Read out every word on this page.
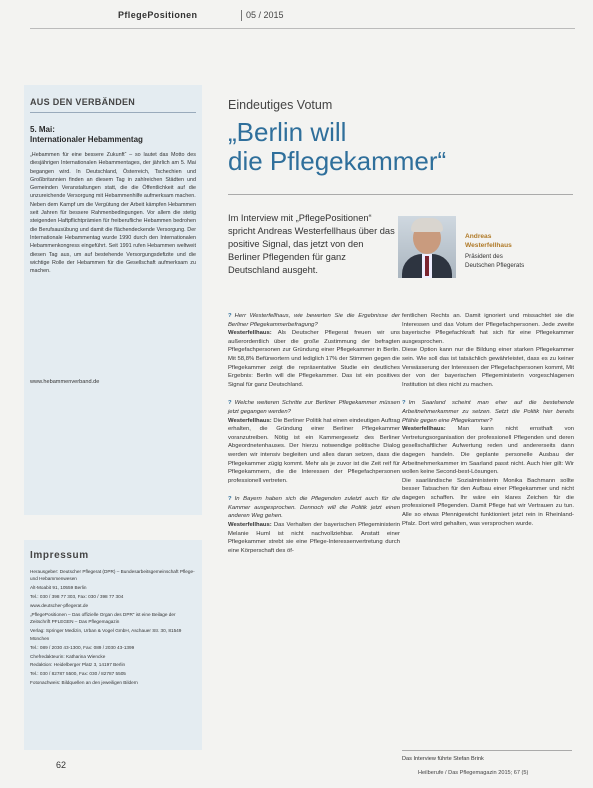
PflegePositionen	05 / 2015
AUS DEN VERBÄNDEN
5. Mai:
Internationaler Hebammentag

„Hebammen für eine bessere Zukunft“ – so lautet das Motto des diesjährigen Internationalen Hebammentages, der jährlich am 5. Mai begangen wird. In Deutschland, Österreich, Tschechien und Großbritannien finden an diesem Tag in zahlreichen Städten und Gemeinden Veranstaltungen statt, die die Öffentlichkeit auf die unzureichende Versorgung mit Hebammenhilfe aufmerksam machen.

Neben dem Kampf um die Vergütung der Arbeit kämpfen Hebammen seit Jahren für bessere Rahmenbedingungen. Vor allem die stetig steigenden Haftpflichtprämien für freiberufliche Hebammen bedrohen die Berufsausübung und damit die flächendeckende Versorgung. Der Internationale Hebammentag wurde 1990 durch den Internationalen Hebammenkongress eingeführt. Seit 1991 rufen Hebammen weltweit diesen Tag aus, um auf bestehende Versorgungsdefizite und die wichtige Rolle der Hebammen für die Gesellschaft aufmerksam zu machen.

www.hebammenverband.de
Impressum

Herausgeber: Deutscher Pflegerat (DPR) – Bundesarbeitsgemeinschaft Pflege- und Hebammenwesen

Alt-Moabit 91, 10559 Berlin

Tel.: 030 / 398 77 303, Fax: 030 / 398 77 304

www.deutscher-pflegerat.de

„PflegePositionen – Das offizielle Organ des DPR“ ist eine Beilage der Zeitschrift PFLEGEN – Das Pflegemagazin

Verlag: Springer Medizin, Urban & Vogel GmbH, Aschauer Str. 30, 81549 München

Tel.: 089 / 2030 43-1300, Fax: 089 / 2030 43-1399

Chefredakteurin: Katharina Wiencke

Redaktion: Heidelberger Platz 3, 14197 Berlin

Tel.: 030 / 82787 5500, Fax: 030 / 82787 5505

Fotonachweis: Bildquellen an den jeweiligen Bildern

Eindeutiges Votum
„Berlin will
die Pflegekammer“
Im Interview mit „PflegePositionen“ spricht Andreas Westerfellhaus über das positive Signal, das jetzt von den Berliner Pflegenden für ganz Deutschland ausgeht.
Andreas
Westerfellhaus
Präsident des
Deutschen Pflegerats

? Herr Westerfellhaus, wie bewerten Sie die Ergebnisse der Berliner Pflegekammerbefragung?

Westerfellhaus: Als Deutscher Pflegerat freuen wir uns außerordentlich über die große Zustimmung der befragten Pflegefachpersonen zur Gründung einer Pflegekammer in Berlin. Mit 58,8% Befürwortern und lediglich 17% der Stimmen gegen die Pflegekammer zeigt die repräsentative Studie ein deutliches Ergebnis: Berlin will die Pflegekammer. Das ist ein positives Signal für ganz Deutschland.

? Welche weiteren Schritte zur Berliner Pflegekammer müssen jetzt gegangen werden?

Westerfellhaus: Die Berliner Politik hat einen eindeutigen Auftrag erhalten, die Gründung einer Berliner Pflegekammer voranzutreiben. Nötig ist ein Kammergesetz des Berliner Abgeordnetenhauses. Der hierzu notwendige politische Dialog werden wir intensiv begleiten und alles daran setzen, dass die Pflegekammer zügig kommt. Mehr als je zuvor ist die Zeit reif für Pflegekammern, die die Interessen der Pflegefachpersonen professionell vertreten.

? In Bayern haben sich die Pflegenden zuletzt auch für die Kammer ausgesprochen. Dennoch will die Politik jetzt einen anderen Weg gehen.

Westerfellhaus: Das Verhalten der bayerischen Pflegeministerin Melanie Huml ist nicht nachvollziehbar. Anstatt einer Pflegekammer strebt sie eine Pflege-Interessenvertretung durch eine Körperschaft des öf-

fentlichen Rechts an. Damit ignoriert und missachtet sie die Interessen und das Votum der Pflegefachpersonen. Jede zweite bayerische Pflegefachkraft hat sich für eine Pflegekammer ausgesprochen.

Diese Option kann nur die Bildung einer starken Pflegekammer sein. Wie soll das ist tatsächlich gewährleistet, dass es zu keiner Verwässerung der Interessen der Pflegefachpersonen kommt, Mit der von der bayerischen Pflegeministerin vorgeschlagenen Institution ist dies nicht zu machen.

? Im Saarland scheint man eher auf die bestehende Arbeitnehmerkammer zu setzen. Setzt die Politik hier bereits Pfähle gegen eine Pflegekammer?

Westerfellhaus: Man kann nicht ernsthaft von Vertretungsorganisation der professionell Pflegenden und deren gesellschaftlicher Aufwertung reden und andererseits dann dagegen handeln. Die geplante personelle Ausbau der Arbeitnehmerkammer im Saarland passt nicht. Auch hier gilt: Wir wollen keine Second-best-Lösungen.

Die saarländische Sozialministerin Monika Bachmann sollte besser Tatsachen für den Aufbau einer Pflegekammer und nicht dagegen schaffen. Ihr wäre ein klares Zeichen für die professionell Pflegenden. Damit Pflege hat wir Vertrauen zu tun. Alle so etwas Pfennigewicht funktioniert jetzt rein in Rheinland-Pfalz. Dort wird gehalten, was versprochen wurde.

Das Interview führte Stefan Brink
62
Heilberufe / Das Pflegemagazin 2015; 67 (5)
